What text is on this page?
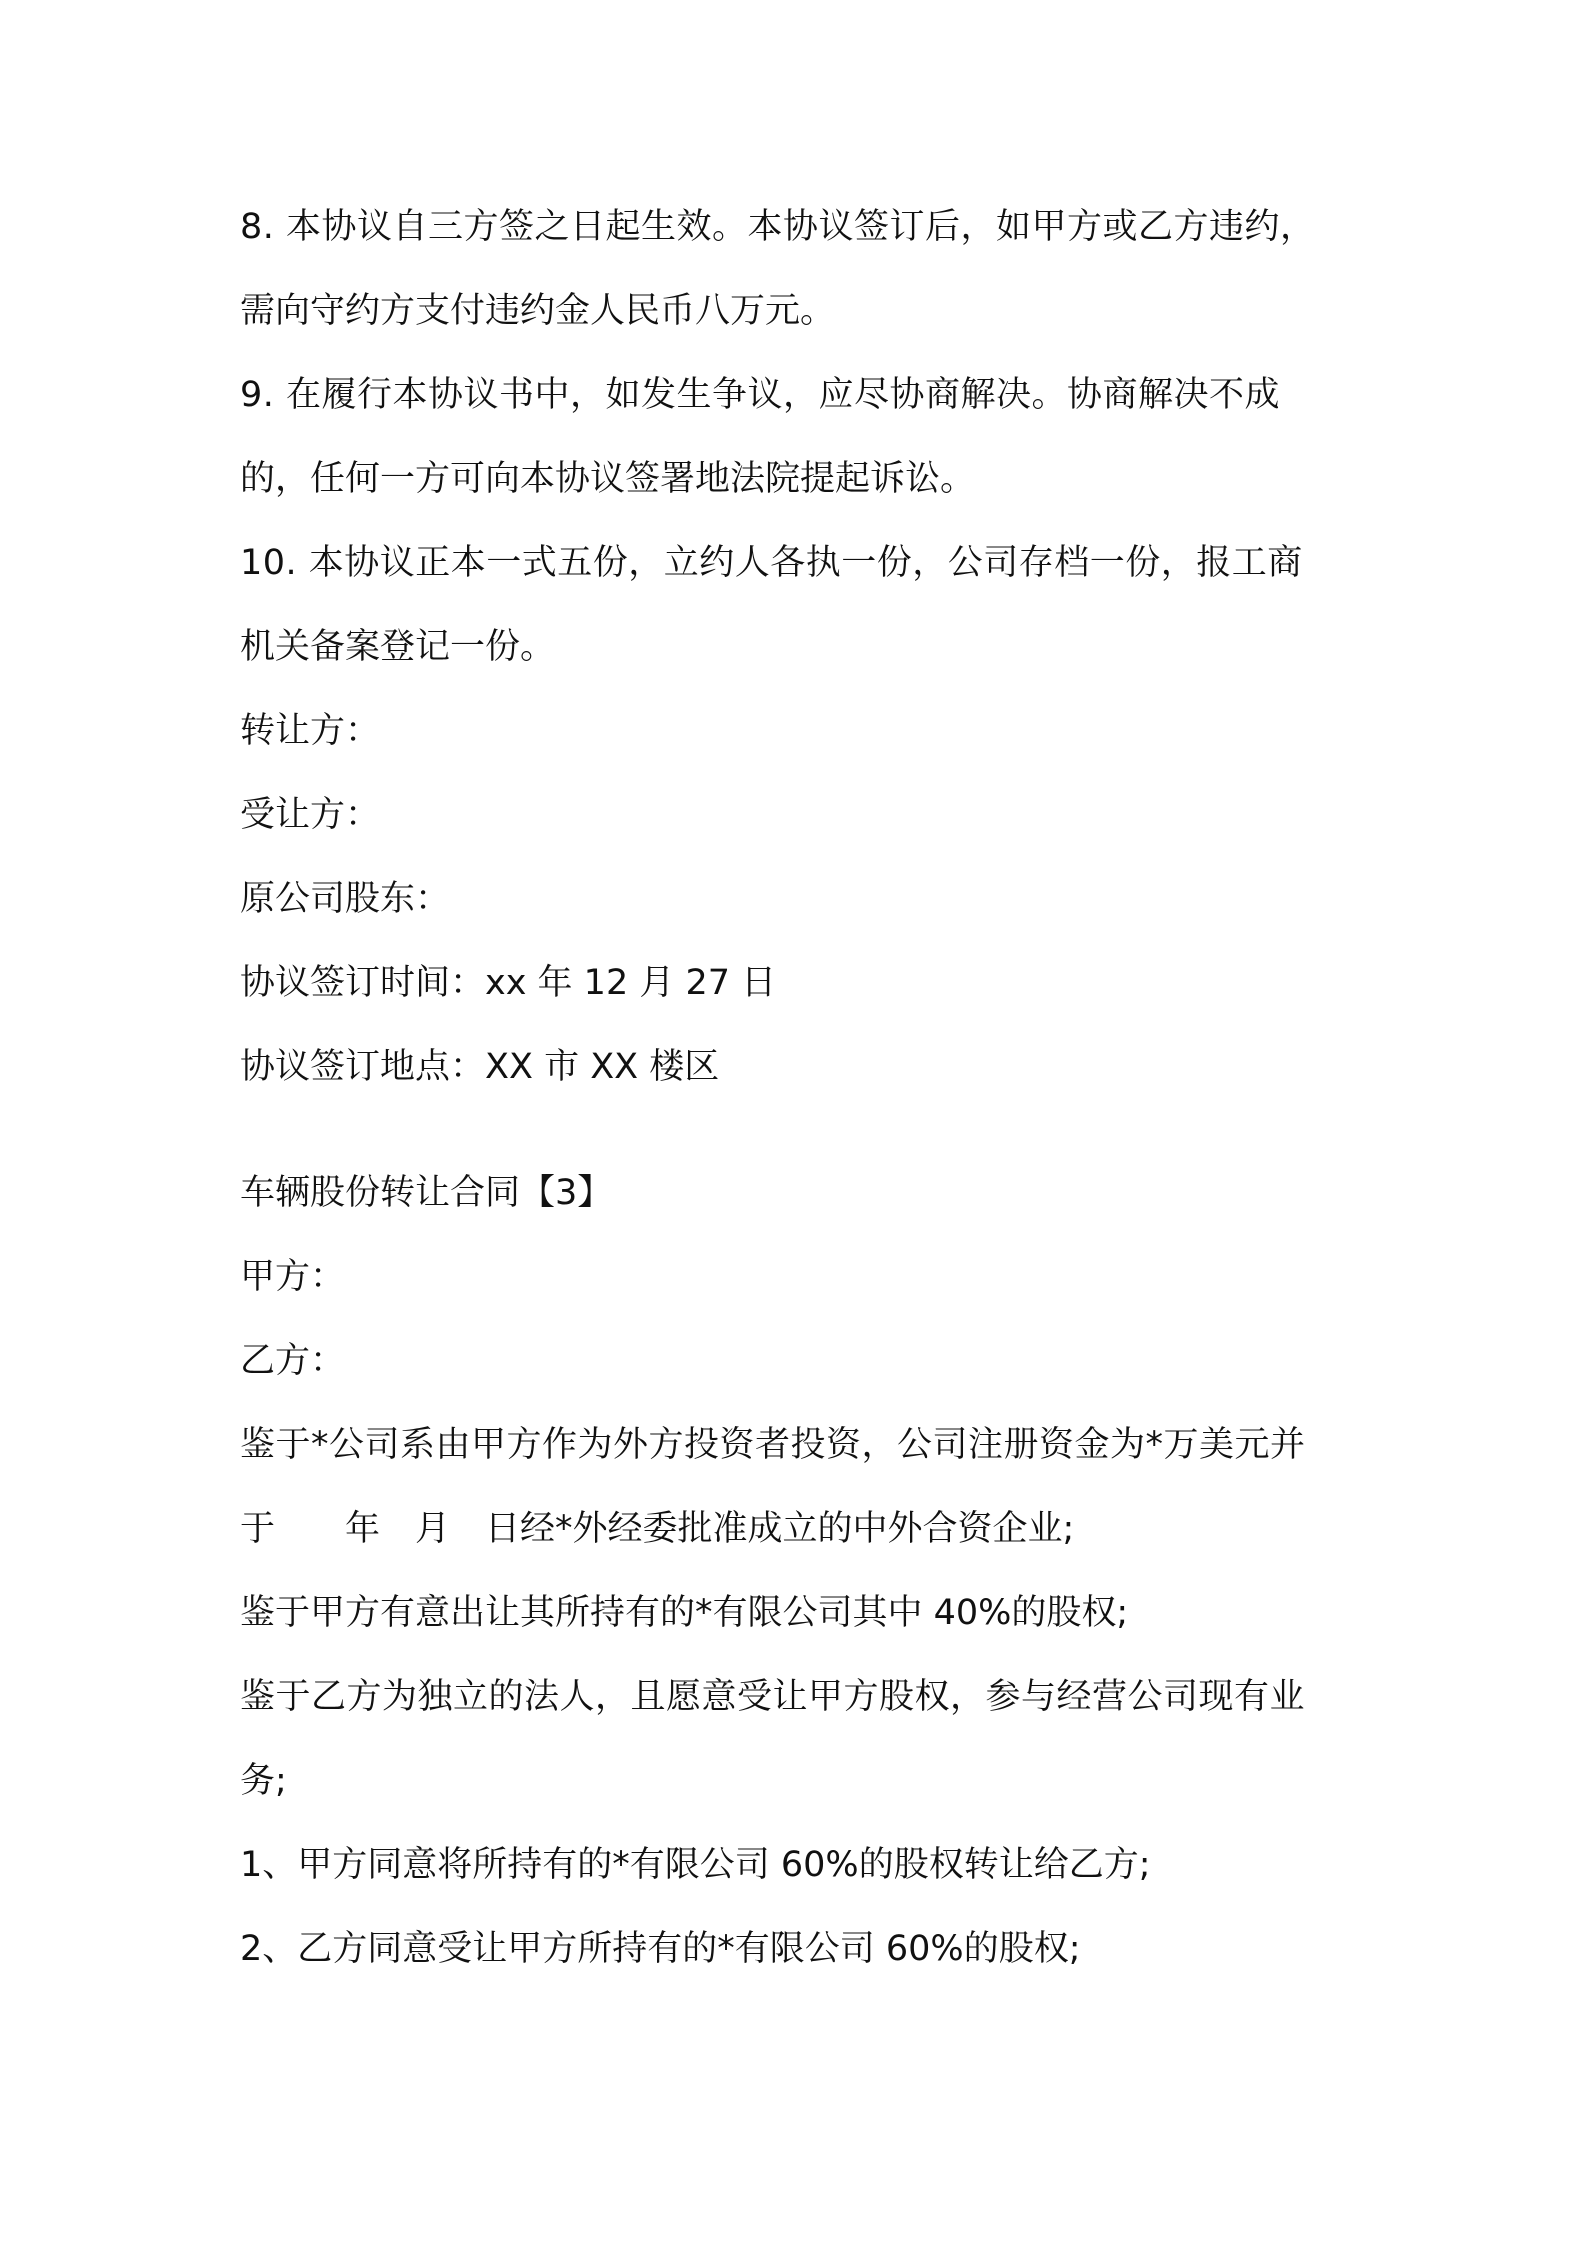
8. 本协议自三方签之日起生效。本协议签订后，如甲方或乙方违约，
需向守约方支付违约金人民币八万元。
9. 在履行本协议书中，如发生争议，应尽协商解决。协商解决不成
的，任何一方可向本协议签署地法院提起诉讼。
10. 本协议正本一式五份，立约人各执一份，公司存档一份，报工商
机关备案登记一份。
转让方：
受让方：
原公司股东：
协议签订时间：xx 年 12 月 27 日
协议签订地点：XX 市 XX 楼区
车辆股份转让合同【3】
甲方：
乙方：
鉴于*公司系由甲方作为外方投资者投资，公司注册资金为*万美元并
于　　年　月　日经*外经委批准成立的中外合资企业;
鉴于甲方有意出让其所持有的*有限公司其中 40%的股权;
鉴于乙方为独立的法人，且愿意受让甲方股权，参与经营公司现有业
务;
1、甲方同意将所持有的*有限公司 60%的股权转让给乙方;
2、乙方同意受让甲方所持有的*有限公司 60%的股权;
